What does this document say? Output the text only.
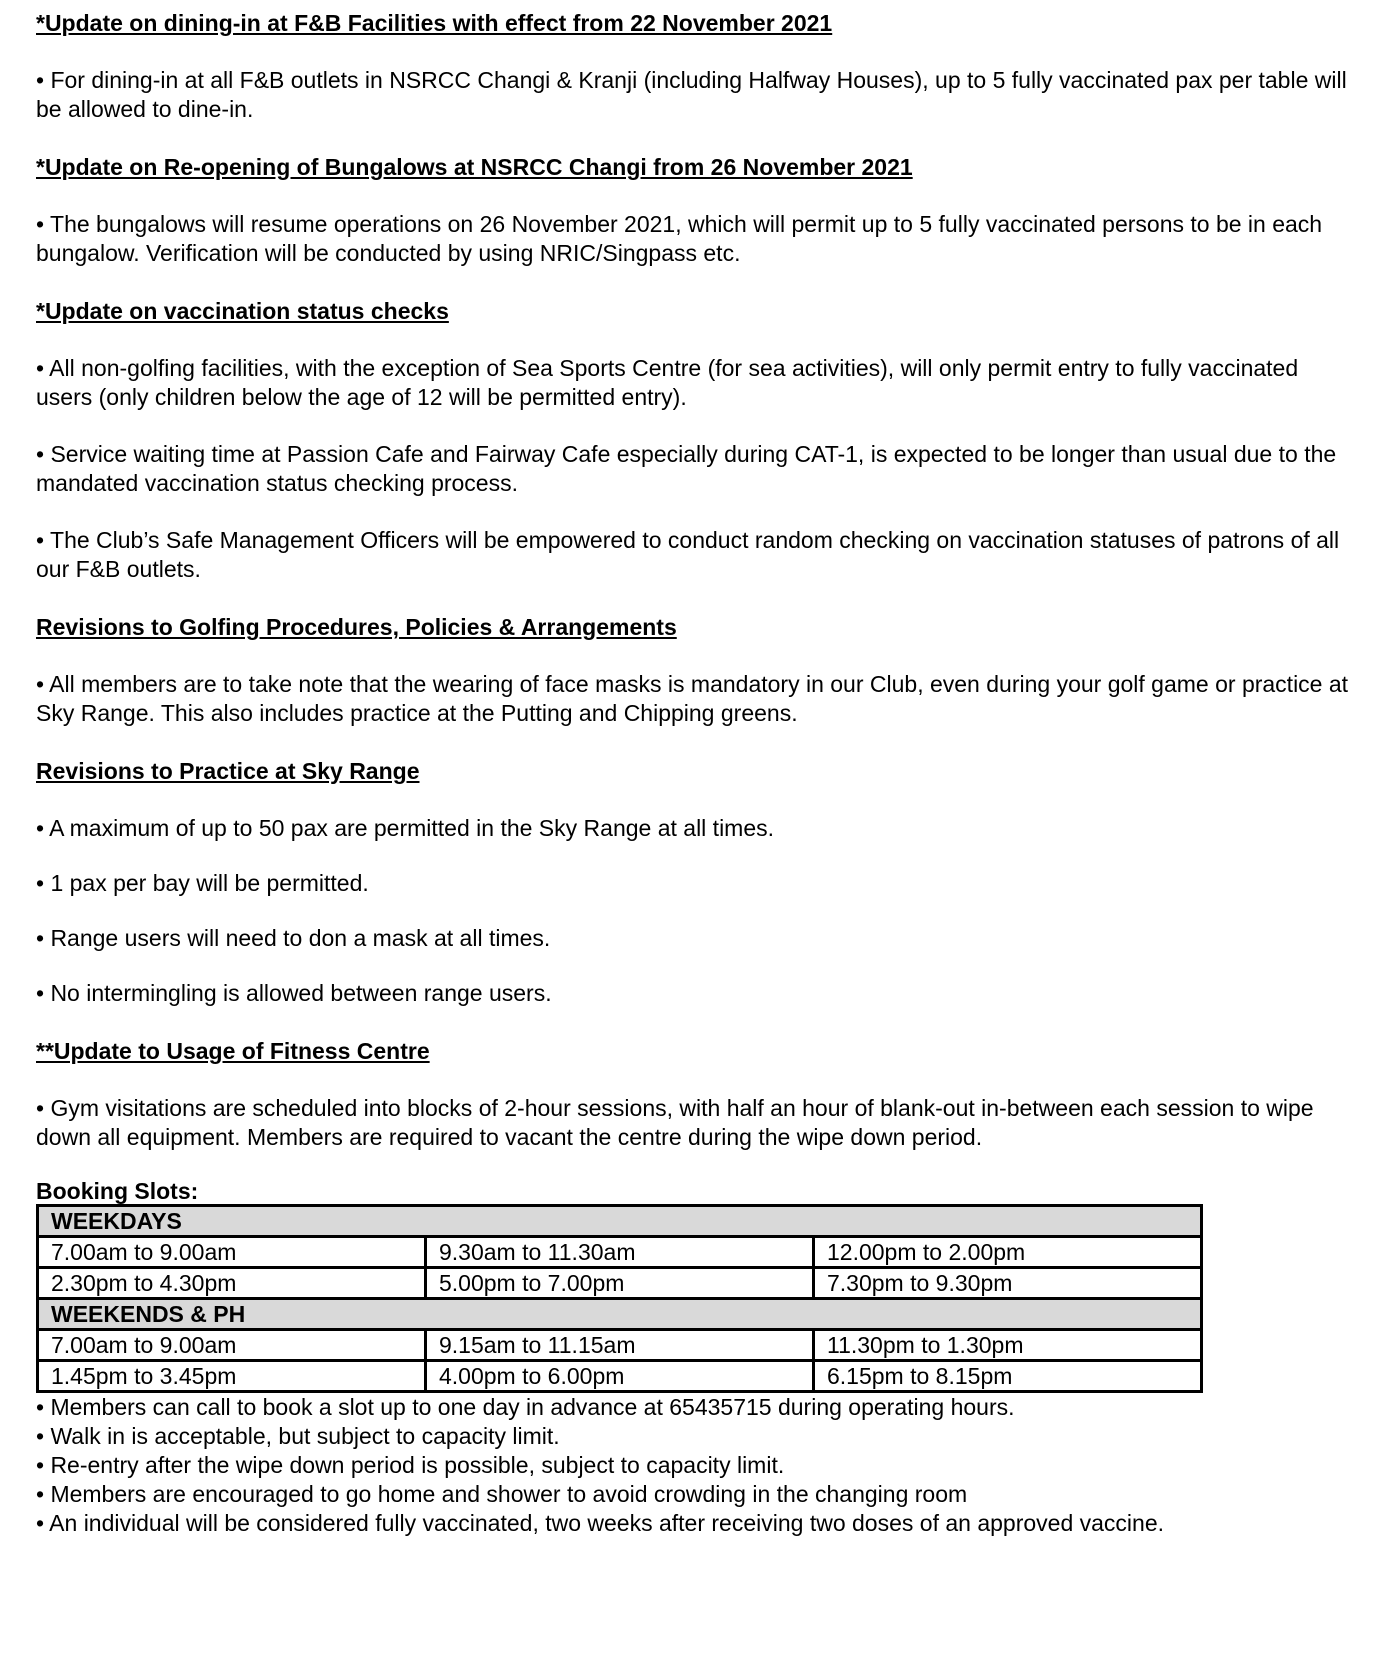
*Update on dining-in at F&B Facilities with effect from 22 November 2021

• For dining-in at all F&B outlets in NSRCC Changi & Kranji (including Halfway Houses), up to 5 fully vaccinated pax per table will be allowed to dine-in.

*Update on Re-opening of Bungalows at NSRCC Changi from 26 November 2021

• The bungalows will resume operations on 26 November 2021, which will permit up to 5 fully vaccinated persons to be in each bungalow. Verification will be conducted by using NRIC/Singpass etc.

*Update on vaccination status checks

• All non-golfing facilities, with the exception of Sea Sports Centre (for sea activities), will only permit entry to fully vaccinated users (only children below the age of 12 will be permitted entry).

• Service waiting time at Passion Cafe and Fairway Cafe especially during CAT-1, is expected to be longer than usual due to the mandated vaccination status checking process.

• The Club’s Safe Management Officers will be empowered to conduct random checking on vaccination statuses of patrons of all our F&B outlets.

Revisions to Golfing Procedures, Policies & Arrangements

• All members are to take note that the wearing of face masks is mandatory in our Club, even during your golf game or practice at Sky Range. This also includes practice at the Putting and Chipping greens.

Revisions to Practice at Sky Range

• A maximum of up to 50 pax are permitted in the Sky Range at all times.

• 1 pax per bay will be permitted.

• Range users will need to don a mask at all times.

• No intermingling is allowed between range users.

**Update to Usage of Fitness Centre

• Gym visitations are scheduled into blocks of 2-hour sessions, with half an hour of blank-out in-between each session to wipe down all equipment. Members are required to vacant the centre during the wipe down period.

Booking Slots:

WEEKDAYS		
7.00am to 9.00am	9.30am to 11.30am	12.00pm to 2.00pm
2.30pm to 4.30pm	5.00pm to 7.00pm	7.30pm to 9.30pm
WEEKENDS & PH		
7.00am to 9.00am	9.15am to 11.15am	11.30pm to 1.30pm
1.45pm to 3.45pm	4.00pm to 6.00pm	6.15pm to 8.15pm

• Members can call to book a slot up to one day in advance at 65435715 during operating hours.

• Walk in is acceptable, but subject to capacity limit.

• Re-entry after the wipe down period is possible, subject to capacity limit.

• Members are encouraged to go home and shower to avoid crowding in the changing room

• An individual will be considered fully vaccinated, two weeks after receiving two doses of an approved vaccine.
